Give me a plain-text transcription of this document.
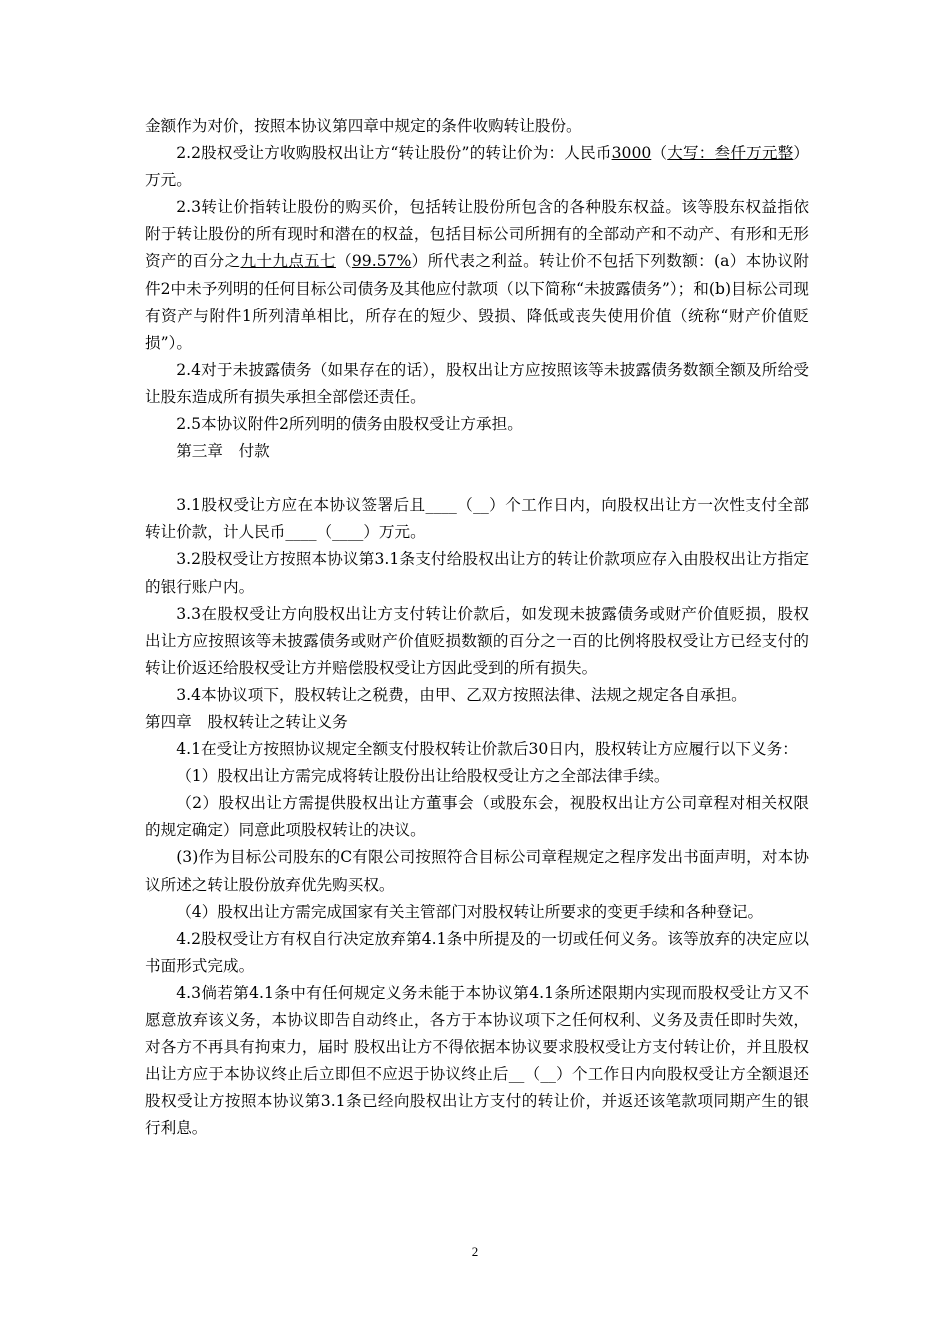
金额作为对价，按照本协议第四章中规定的条件收购转让股份。

2.2股权受让方收购股权出让方“转让股份”的转让价为：人民币3000（大写：叁仟万元整）万元。

2.3转让价指转让股份的购买价，包括转让股份所包含的各种股东权益。该等股东权益指依附于转让股份的所有现时和潜在的权益，包括目标公司所拥有的全部动产和不动产、有形和无形资产的百分之九十九点五七（99.57%）所代表之利益。转让价不包括下列数额：(a）本协议附件2中未予列明的任何目标公司债务及其他应付款项（以下简称“未披露债务”）；和(b)目标公司现有资产与附件1所列清单相比，所存在的短少、毁损、降低或丧失使用价值（统称“财产价值贬损”）。

2.4对于未披露债务（如果存在的话），股权出让方应按照该等未披露债务数额全额及所给受让股东造成所有损失承担全部偿还责任。

2.5本协议附件2所列明的债务由股权受让方承担。

第三章　付款

3.1股权受让方应在本协议签署后且____（__）个工作日内，向股权出让方一次性支付全部转让价款，计人民币____（____）万元。

3.2股权受让方按照本协议第3.1条支付给股权出让方的转让价款项应存入由股权出让方指定的银行账户内。

3.3在股权受让方向股权出让方支付转让价款后，如发现未披露债务或财产价值贬损，股权出让方应按照该等未披露债务或财产价值贬损数额的百分之一百的比例将股权受让方已经支付的转让价返还给股权受让方并赔偿股权受让方因此受到的所有损失。

3.4本协议项下，股权转让之税费，由甲、乙双方按照法律、法规之规定各自承担。

第四章　股权转让之转让义务

4.1在受让方按照协议规定全额支付股权转让价款后30日内，股权转让方应履行以下义务：

（1）股权出让方需完成将转让股份出让给股权受让方之全部法律手续。

（2）股权出让方需提供股权出让方董事会（或股东会，视股权出让方公司章程对相关权限的规定确定）同意此项股权转让的决议。

(3)作为目标公司股东的C有限公司按照符合目标公司章程规定之程序发出书面声明，对本协议所述之转让股份放弃优先购买权。

（4）股权出让方需完成国家有关主管部门对股权转让所要求的变更手续和各种登记。

4.2股权受让方有权自行决定放弃第4.1条中所提及的一切或任何义务。该等放弃的决定应以书面形式完成。

4.3倘若第4.1条中有任何规定义务未能于本协议第4.1条所述限期内实现而股权受让方又不愿意放弃该义务，本协议即告自动终止，各方于本协议项下之任何权利、义务及责任即时失效，对各方不再具有拘束力，届时 股权出让方不得依据本协议要求股权受让方支付转让价，并且股权出让方应于本协议终止后立即但不应迟于协议终止后__（__）个工作日内向股权受让方全额退还股权受让方按照本协议第3.1条已经向股权出让方支付的转让价，并返还该笔款项同期产生的银行利息。

2
